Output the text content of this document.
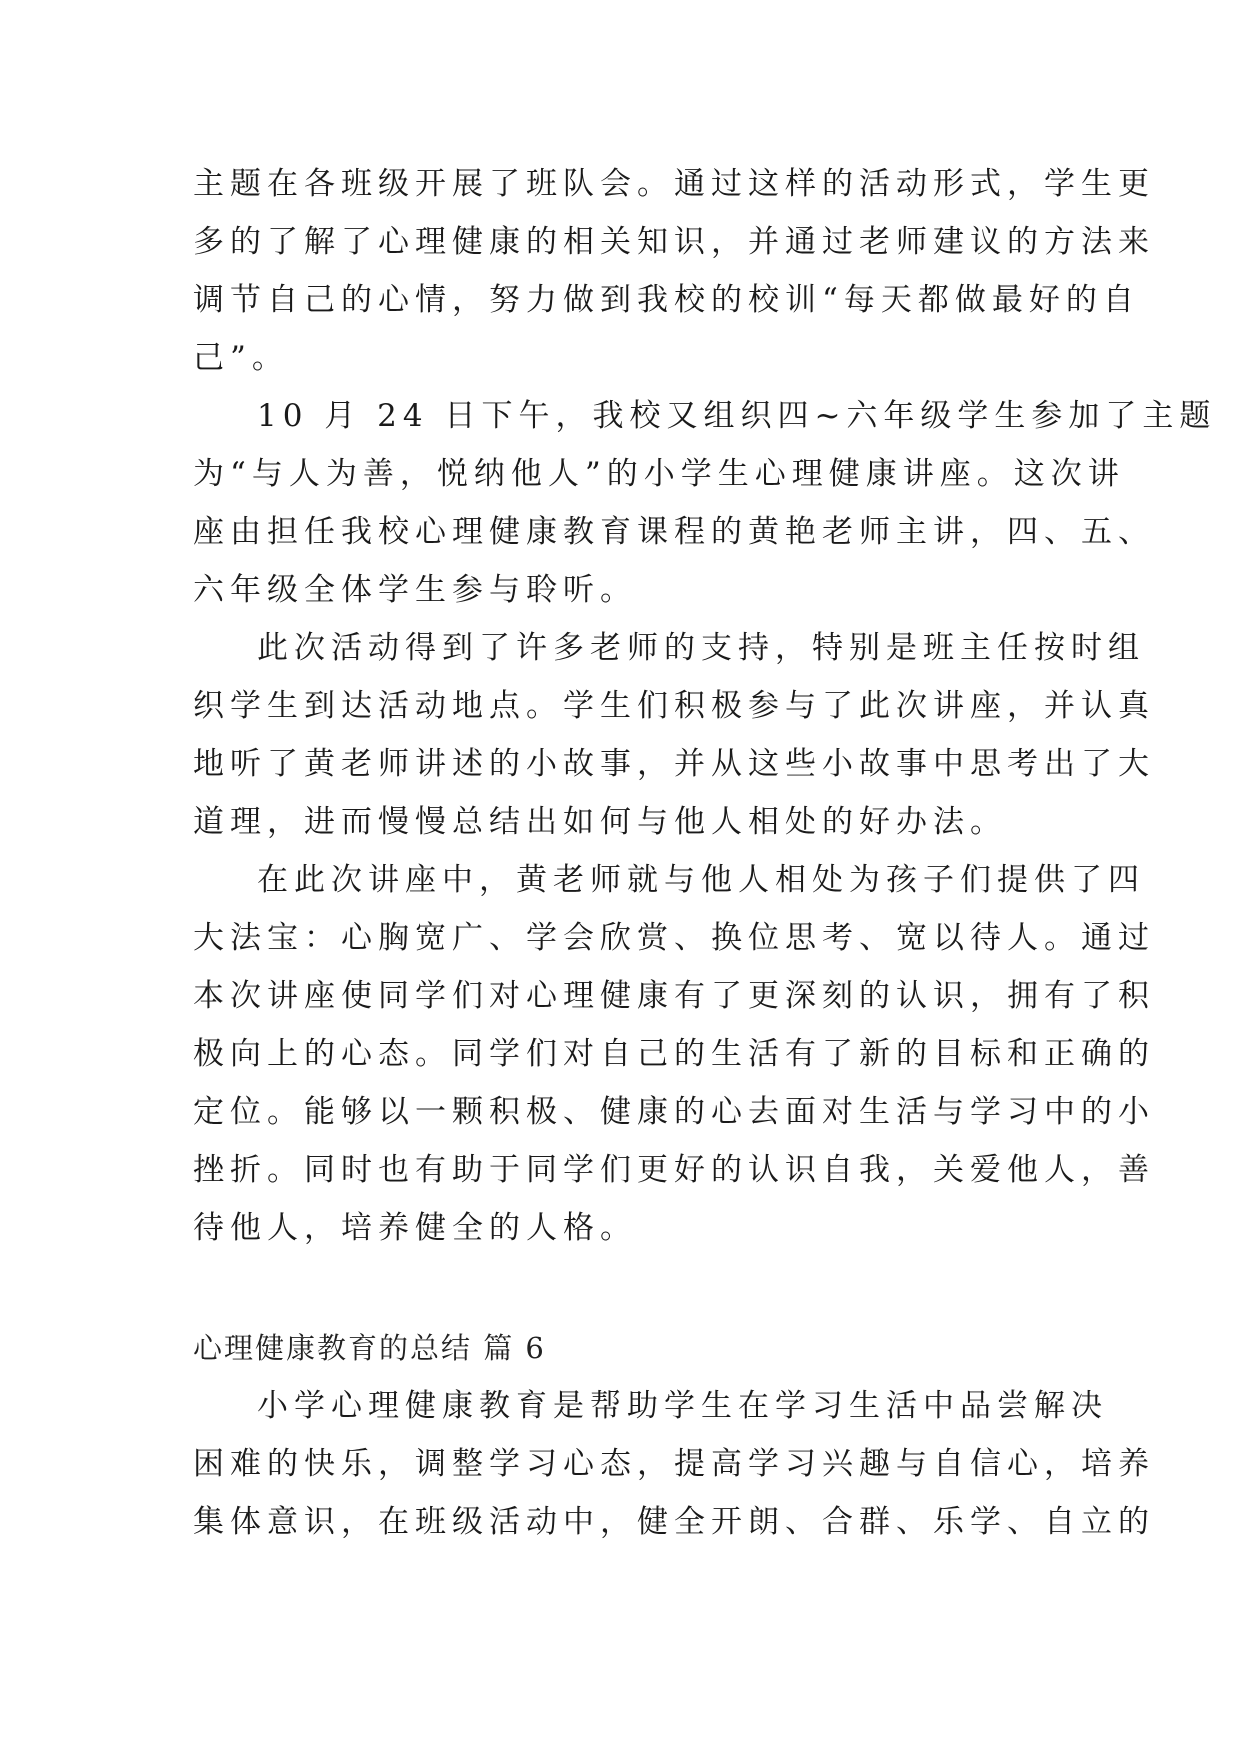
主题在各班级开展了班队会。通过这样的活动形式，学生更
多的了解了心理健康的相关知识，并通过老师建议的方法来
调节自己的心情，努力做到我校的校训“每天都做最好的自
己”。
10 月 24 日下午，我校又组织四~六年级学生参加了主题
为“与人为善，悦纳他人”的小学生心理健康讲座。这次讲
座由担任我校心理健康教育课程的黄艳老师主讲，四、五、
六年级全体学生参与聆听。
此次活动得到了许多老师的支持，特别是班主任按时组
织学生到达活动地点。学生们积极参与了此次讲座，并认真
地听了黄老师讲述的小故事，并从这些小故事中思考出了大
道理，进而慢慢总结出如何与他人相处的好办法。
在此次讲座中，黄老师就与他人相处为孩子们提供了四
大法宝：心胸宽广、学会欣赏、换位思考、宽以待人。通过
本次讲座使同学们对心理健康有了更深刻的认识，拥有了积
极向上的心态。同学们对自己的生活有了新的目标和正确的
定位。能够以一颗积极、健康的心去面对生活与学习中的小
挫折。同时也有助于同学们更好的认识自我，关爱他人，善
待他人，培养健全的人格。
心理健康教育的总结 篇 6
小学心理健康教育是帮助学生在学习生活中品尝解决
困难的快乐，调整学习心态，提高学习兴趣与自信心，培养
集体意识，在班级活动中，健全开朗、合群、乐学、自立的
